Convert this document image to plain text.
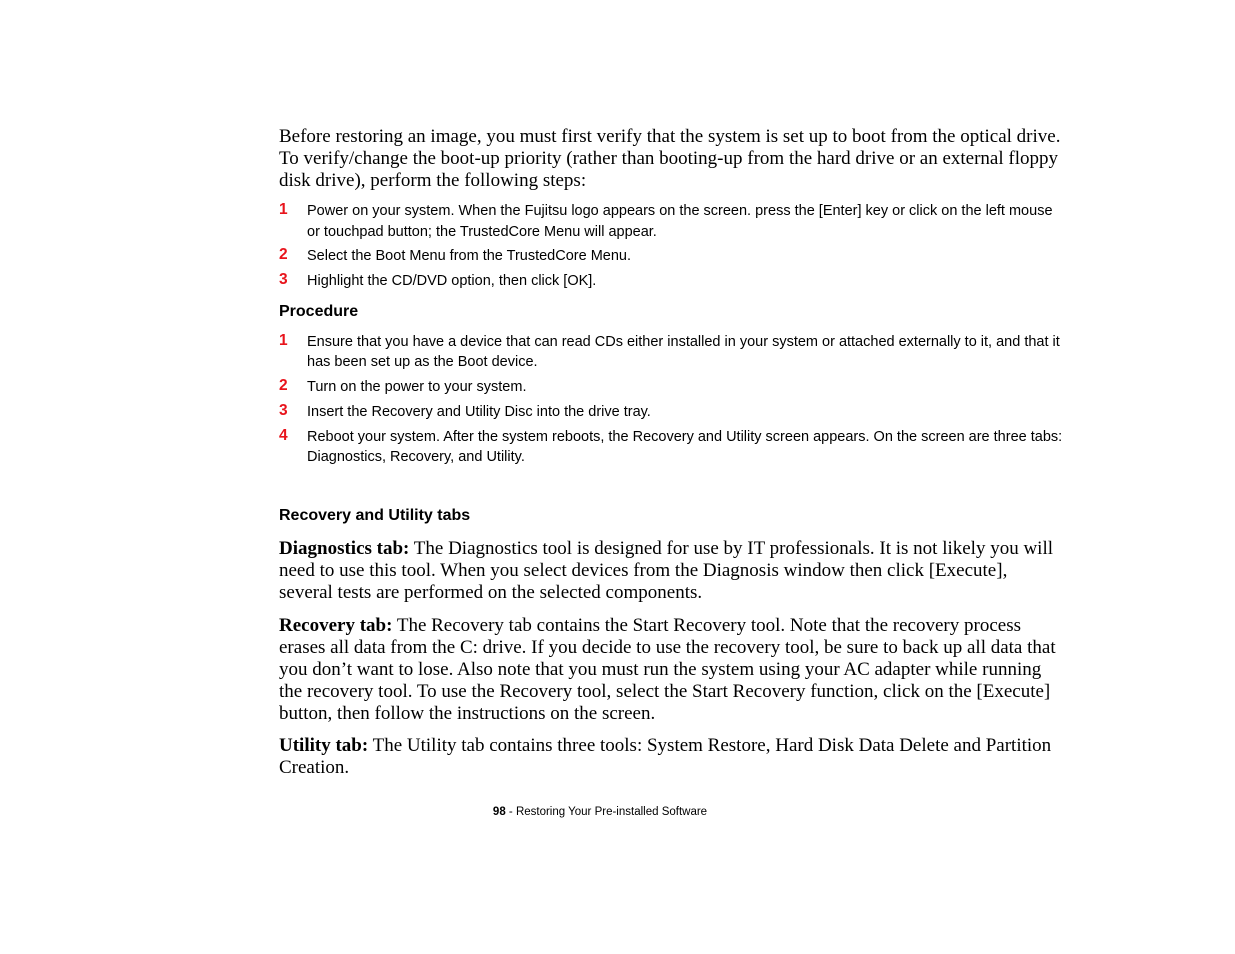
Before restoring an image, you must first verify that the system is set up to boot from the optical drive. To verify/change the boot-up priority (rather than booting-up from the hard drive or an external floppy disk drive), perform the following steps:

1 Power on your system. When the Fujitsu logo appears on the screen. press the [Enter] key or click on the left mouse or touchpad button; the TrustedCore Menu will appear.
2 Select the Boot Menu from the TrustedCore Menu.
3 Highlight the CD/DVD option, then click [OK].
Procedure
1 Ensure that you have a device that can read CDs either installed in your system or attached externally to it, and that it has been set up as the Boot device.
2 Turn on the power to your system.
3 Insert the Recovery and Utility Disc into the drive tray.
4 Reboot your system. After the system reboots, the Recovery and Utility screen appears. On the screen are three tabs: Diagnostics, Recovery, and Utility.
Recovery and Utility tabs

Diagnostics tab: The Diagnostics tool is designed for use by IT professionals. It is not likely you will need to use this tool. When you select devices from the Diagnosis window then click [Execute], several tests are performed on the selected components.

Recovery tab: The Recovery tab contains the Start Recovery tool. Note that the recovery process erases all data from the C: drive. If you decide to use the recovery tool, be sure to back up all data that you don’t want to lose. Also note that you must run the system using your AC adapter while running the recovery tool. To use the Recovery tool, select the Start Recovery function, click on the [Execute] button, then follow the instructions on the screen.

Utility tab: The Utility tab contains three tools: System Restore, Hard Disk Data Delete and Partition Creation.

98 - Restoring Your Pre-installed Software
